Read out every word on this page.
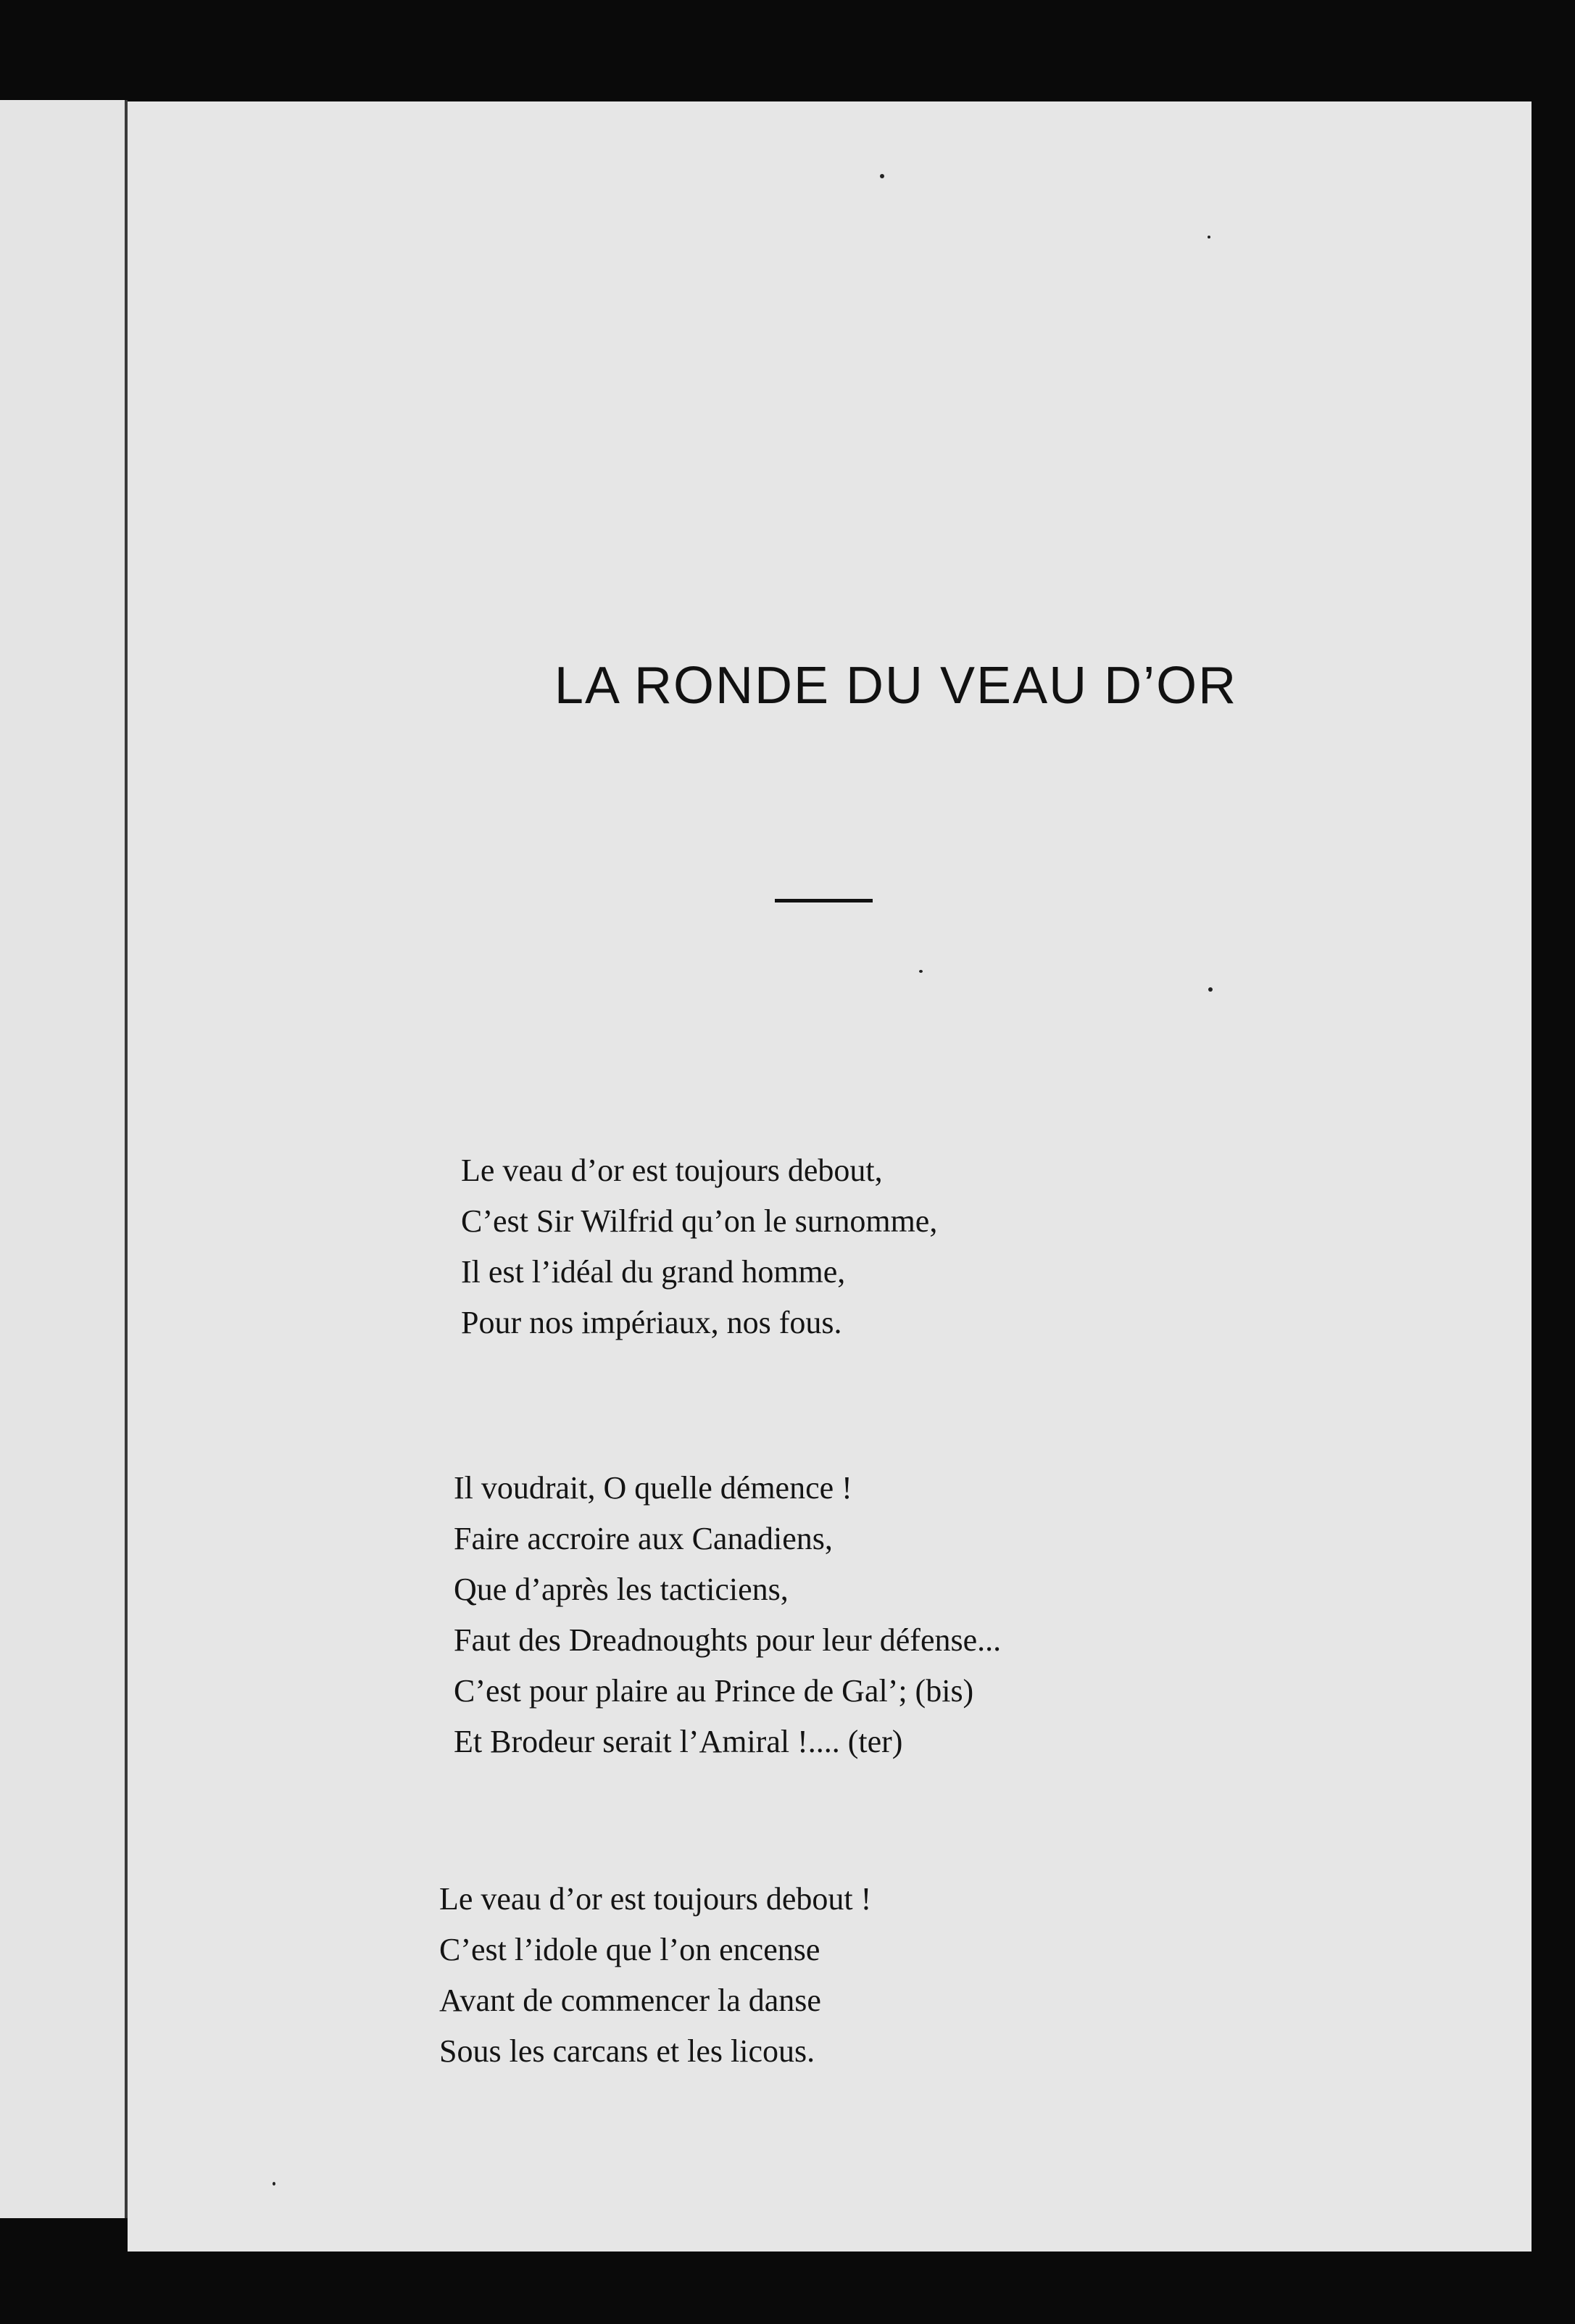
LA RONDE DU VEAU D’OR

Le veau d’or est toujours debout,
C’est Sir Wilfrid qu’on le surnomme,
Il est l’idéal du grand homme,
Pour nos impériaux, nos fous.

Il voudrait, O quelle démence !
Faire accroire aux Canadiens,
Que d’après les tacticiens,
Faut des Dreadnoughts pour leur défense...
C’est pour plaire au Prince de Gal’; (bis)
Et Brodeur serait l’Amiral !.... (ter)

Le veau d’or est toujours debout !
C’est l’idole que l’on encense
Avant de commencer la danse
Sous les carcans et les licous.
